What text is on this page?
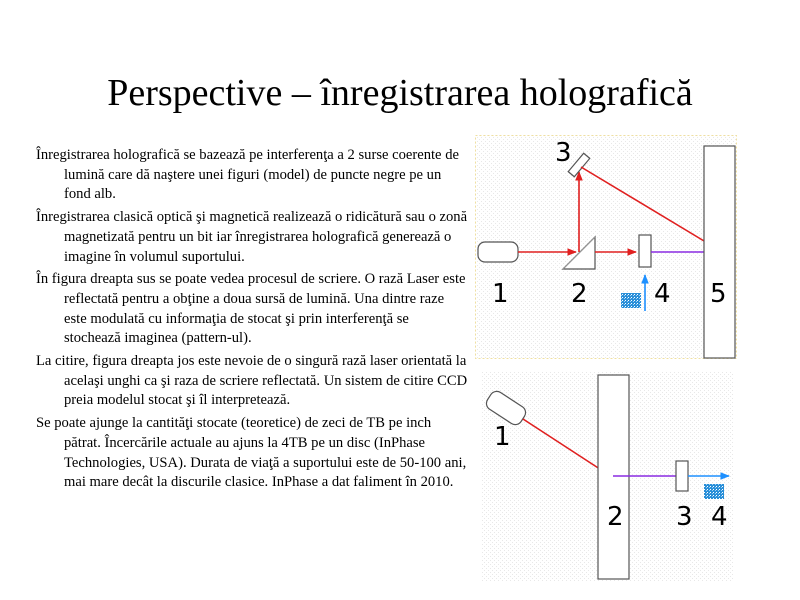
Perspective – înregistrarea holografică

Înregistrarea holografică se bazează pe interferenţa a 2 surse coerente de lumină care dă naştere unei figuri (model) de puncte negre pe un fond alb.

Înregistrarea clasică optică şi magnetică realizează o ridicătură sau o zonă magnetizată pentru un bit iar înregistrarea holografică generează o imagine în volumul suportului.

În figura dreapta sus se poate vedea procesul de scriere. O rază Laser este reflectată pentru a obţine a doua sursă de lumină. Una dintre raze este modulată cu informaţia de stocat şi prin interferenţă se stochează imaginea (pattern-ul).

La citire, figura dreapta jos este nevoie de o singură rază laser orientată la acelaşi unghi ca şi raza de scriere reflectată. Un sistem de citire CCD preia modelul stocat şi îl interpretează.

Se poate ajunge la cantităţi stocate (teoretice) de zeci de TB pe inch pătrat. Încercările actuale au ajuns la 4TB pe un disc (InPhase Technologies, USA). Durata de viaţă a suportului este de 50-100 ani, mai mare decât la discurile clasice. InPhase a dat faliment în 2010.

3
1 2	4 5
1
2 3 4
